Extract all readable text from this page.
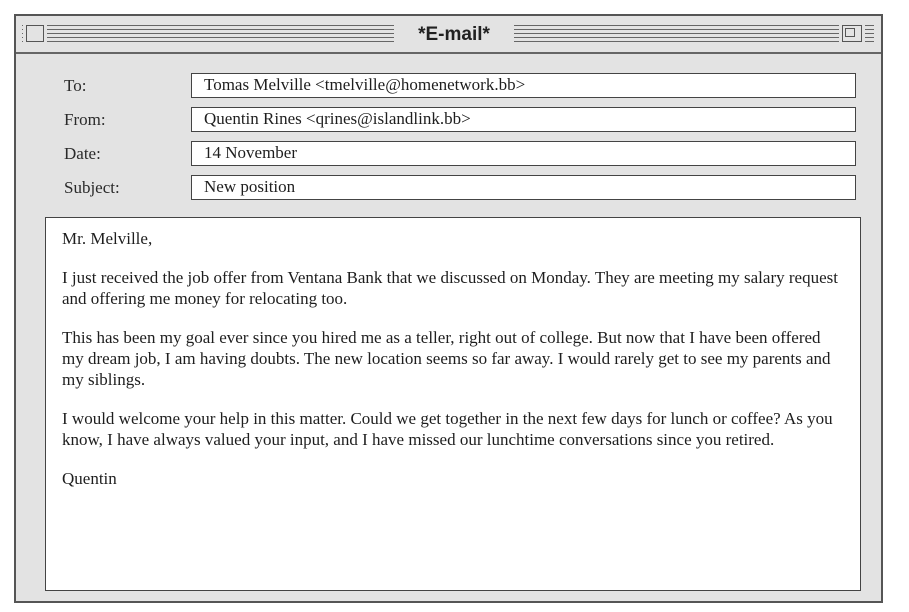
*E-mail*
To:	Tomas Melville <tmelville@homenetwork.bb>
From:	Quentin Rines <qrines@islandlink.bb>
Date:	14 November
Subject:	New position

Mr. Melville,

I just received the job offer from Ventana Bank that we discussed on Monday. They are meeting my salary request and offering me money for relocating too.

This has been my goal ever since you hired me as a teller, right out of college. But now that I have been offered my dream job, I am having doubts. The new location seems so far away. I would rarely get to see my parents and my siblings.

I would welcome your help in this matter. Could we get together in the next few days for lunch or coffee? As you know, I have always valued your input, and I have missed our lunchtime conversations since you retired.

Quentin
